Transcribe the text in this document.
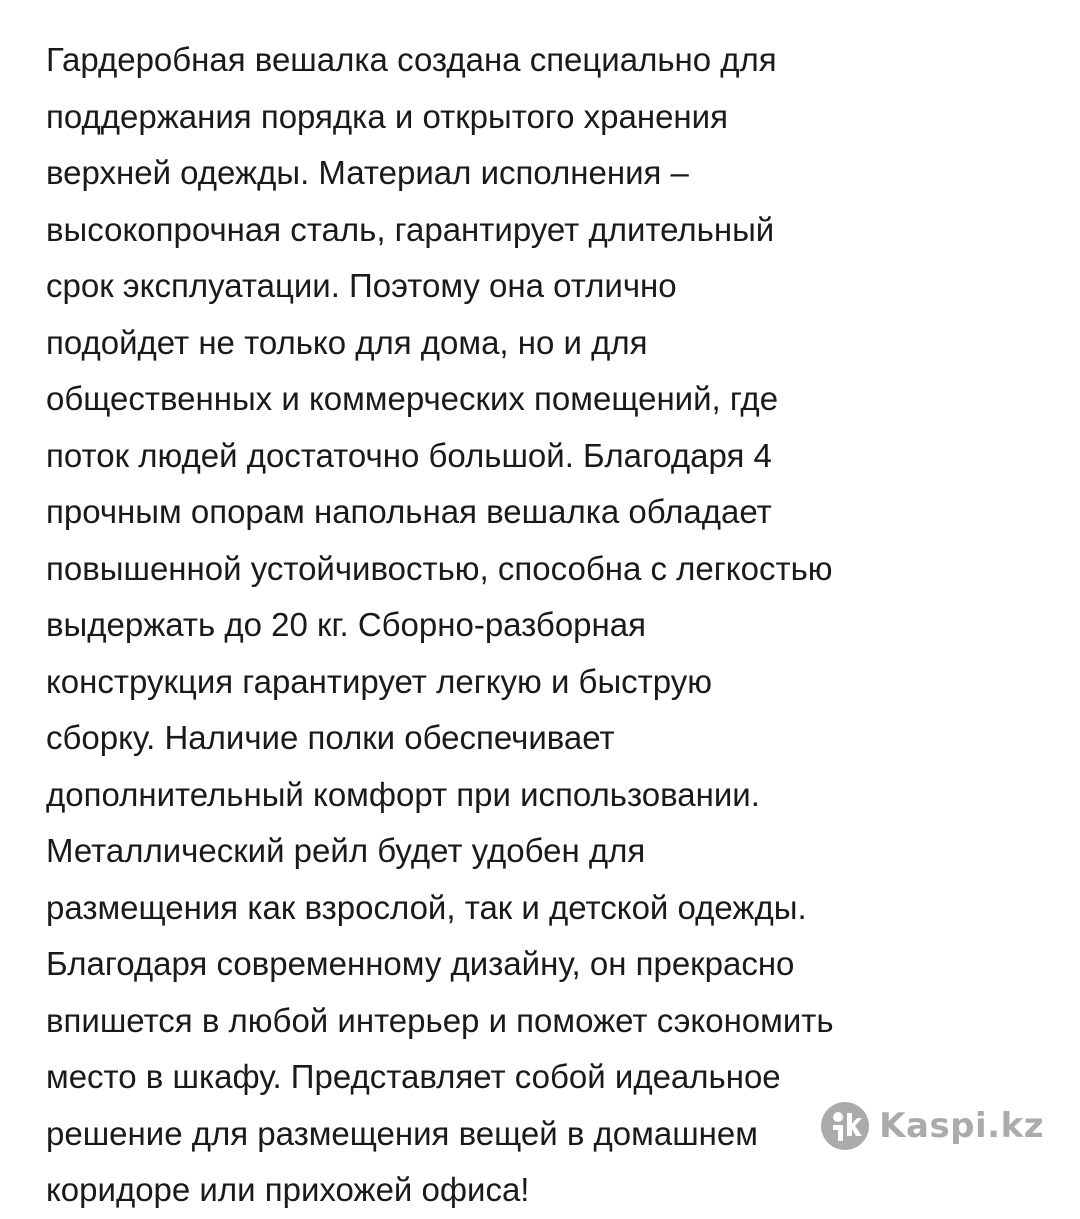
Гардеробная вешалка создана специально для
поддержания порядка и открытого хранения
верхней одежды. Материал исполнения –
высокопрочная сталь, гарантирует длительный
срок эксплуатации. Поэтому она отлично
подойдет не только для дома, но и для
общественных и коммерческих помещений, где
поток людей достаточно большой. Благодаря 4
прочным опорам напольная вешалка обладает
повышенной устойчивостью, способна с легкостью
выдержать до 20 кг. Сборно-разборная
конструкция гарантирует легкую и быструю
сборку. Наличие полки обеспечивает
дополнительный комфорт при использовании.
Металлический рейл будет удобен для
размещения как взрослой, так и детской одежды.
Благодаря современному дизайну, он прекрасно
впишется в любой интерьер и поможет сэкономить
место в шкафу. Представляет собой идеальное
решение для размещения вещей в домашнем
коридоре или прихожей офиса!
Kaspi.kz
